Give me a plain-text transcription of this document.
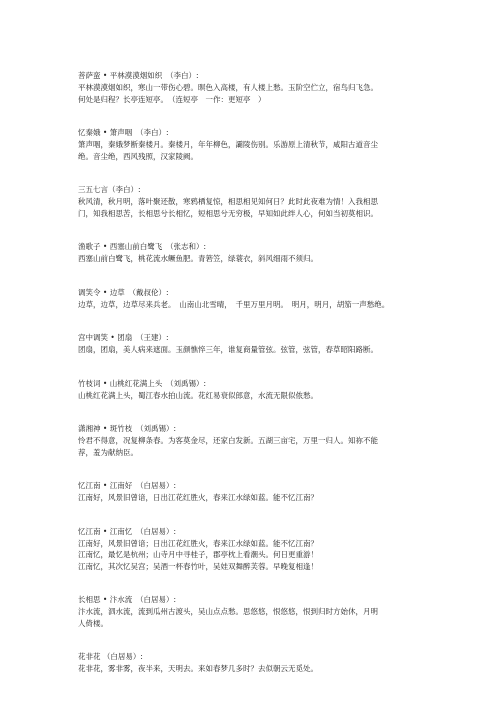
菩萨蛮 • 平林漠漠烟如织　（李白）:
平林漠漠烟如织，寒山一带伤心碧。暝色入高楼，有人楼上愁。玉阶空伫立，宿鸟归飞急。
何处是归程？长亭连短亭。　（连短亭　一作：更短亭　）
忆秦娥 • 箫声咽　（李白）:
箫声咽，秦娥梦断秦楼月。秦楼月，年年柳色，灞陵伤别。乐游原上清秋节，咸阳古道音尘
绝。音尘绝，西风残照，汉家陵阙。
三五七言（李白）:
秋风清，秋月明，落叶聚还散，寒鸦栖复惊，相思相见知何日？此时此夜难为情！入我相思
门，知我相思苦，长相思兮长相忆，短相思兮无穷极，早知如此绊人心，何如当初莫相识。
渔歌子 • 西塞山前白鹭飞　（张志和）:
西塞山前白鹭飞，桃花流水鳜鱼肥。青箬笠，绿蓑衣，斜风细雨不须归。
调笑令 • 边草　（戴叔伦）:
边草，边草，边草尽来兵老。　山南山北雪晴，　千里万里月明。　明月，明月，胡笳一声愁绝。
宫中调笑 • 团扇　（王建）:
团扇，团扇，美人病来遮面。玉颜憔悴三年，谁复商量管弦。弦管，弦管，春草昭阳路断。
竹枝词 • 山桃红花满上头　（刘禹锡）:
山桃红花满上头，蜀江春水拍山流。花红易衰似郎意，水流无限似侬愁。
潇湘神 • 斑竹枝　（刘禹锡）:
怜君不得意，况复柳条春。为客莫金尽，还家白发新。五湖三亩宅，万里一归人。知祢不能
荐，羞为献纳臣。
忆江南 • 江南好　（白居易）:
江南好，风景旧曾谙，日出江花红胜火，春来江水绿如蓝。能不忆江南？
忆江南 • 江南忆　（白居易）:
江南好，风景旧曾谙；日出江花红胜火，春来江水绿如蓝。能不忆江南？
江南忆，最忆是杭州；山寺月中寻桂子，郡亭枕上看潮头。何日更重游！
江南忆，其次忆吴宫；吴酒一杯春竹叶，吴娃双舞醉芙蓉。早晚复相逢！
长相思 • 汴水流　（白居易）:
汴水流，泗水流，流到瓜州古渡头，吴山点点愁。思悠悠，恨悠悠，恨到归时方始休，月明
人倚楼。
花非花 （白居易）:
花非花，雾非雾，夜半来，天明去。来如春梦几多时？去似朝云无觅处。
